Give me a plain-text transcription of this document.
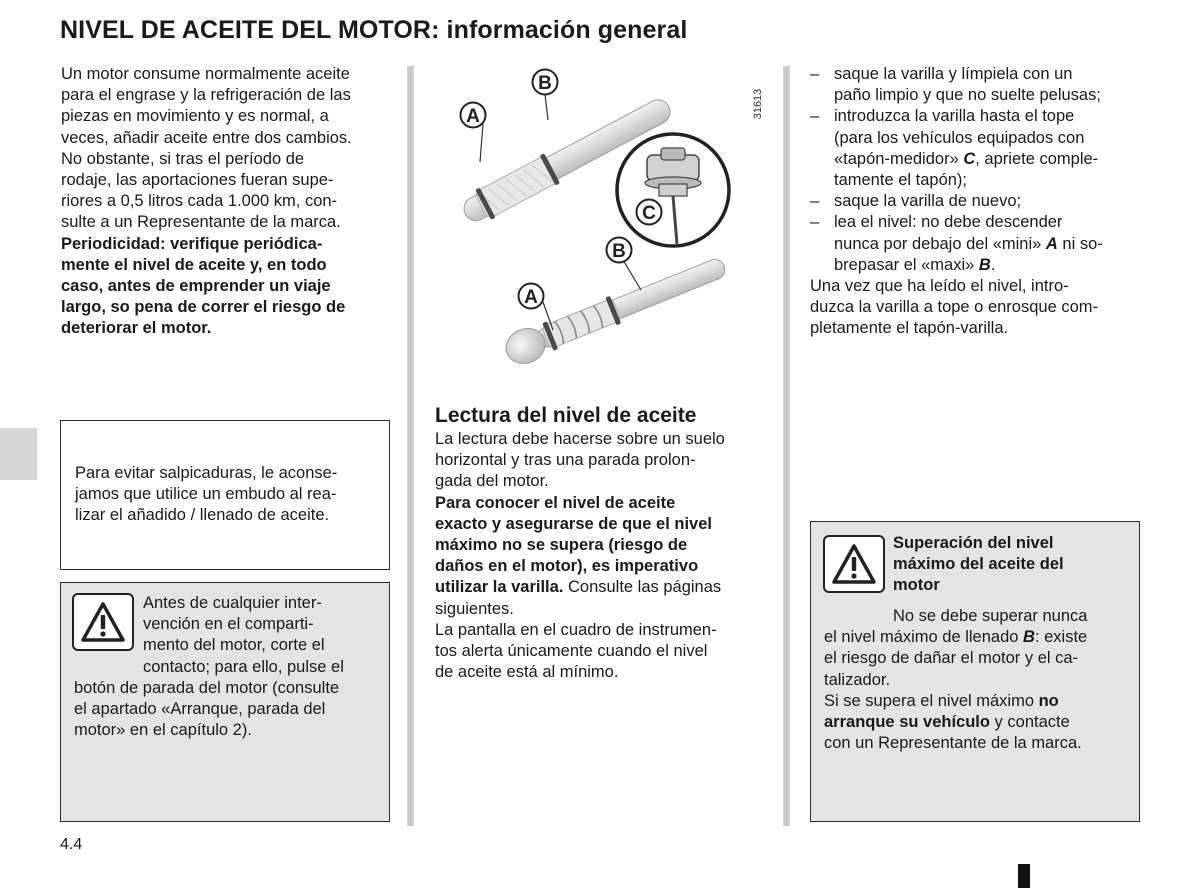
NIVEL DE ACEITE DEL MOTOR: información general
Un motor consume normalmente aceite
para el engrase y la refrigeración de las
piezas en movimiento y es normal, a
veces, añadir aceite entre dos cambios.
No obstante, si tras el período de
rodaje, las aportaciones fueran supe-
riores a 0,5 litros cada 1.000 km, con-
sulte a un Representante de la marca.
Periodicidad: verifique periódica-
mente el nivel de aceite y, en todo
caso, antes de emprender un viaje
largo, so pena de correr el riesgo de
deteriorar el motor.
Para evitar salpicaduras, le aconse-
jamos que utilice un embudo al rea-
lizar el añadido / llenado de aceite.
Antes de cualquier inter-
vención en el comparti-
mento del motor, corte el
contacto; para ello, pulse el
botón de parada del motor (consulte
el apartado «Arranque, parada del
motor» en el capítulo 2).
A
B
31613
C
A
B
Lectura del nivel de aceite
La lectura debe hacerse sobre un suelo
horizontal y tras una parada prolon-
gada del motor.
Para conocer el nivel de aceite
exacto y asegurarse de que el nivel
máximo no se supera (riesgo de
daños en el motor), es imperativo
utilizar la varilla. Consulte las páginas
siguientes.
La pantalla en el cuadro de instrumen-
tos alerta únicamente cuando el nivel
de aceite está al mínimo.
– saque la varilla y límpiela con un
paño limpio y que no suelte pelusas;
– introduzca la varilla hasta el tope
(para los vehículos equipados con
«tapón-medidor» C, apriete comple-
tamente el tapón);
– saque la varilla de nuevo;
– lea el nivel: no debe descender
nunca por debajo del «mini» A ni so-
brepasar el «maxi» B.
Una vez que ha leído el nivel, intro-
duzca la varilla a tope o enrosque com-
pletamente el tapón-varilla.
Superación del nivel
máximo del aceite del
motor
No se debe superar nunca
el nivel máximo de llenado B: existe
el riesgo de dañar el motor y el ca-
talizador.
Si se supera el nivel máximo no
arranque su vehículo y contacte
con un Representante de la marca.
4.4
